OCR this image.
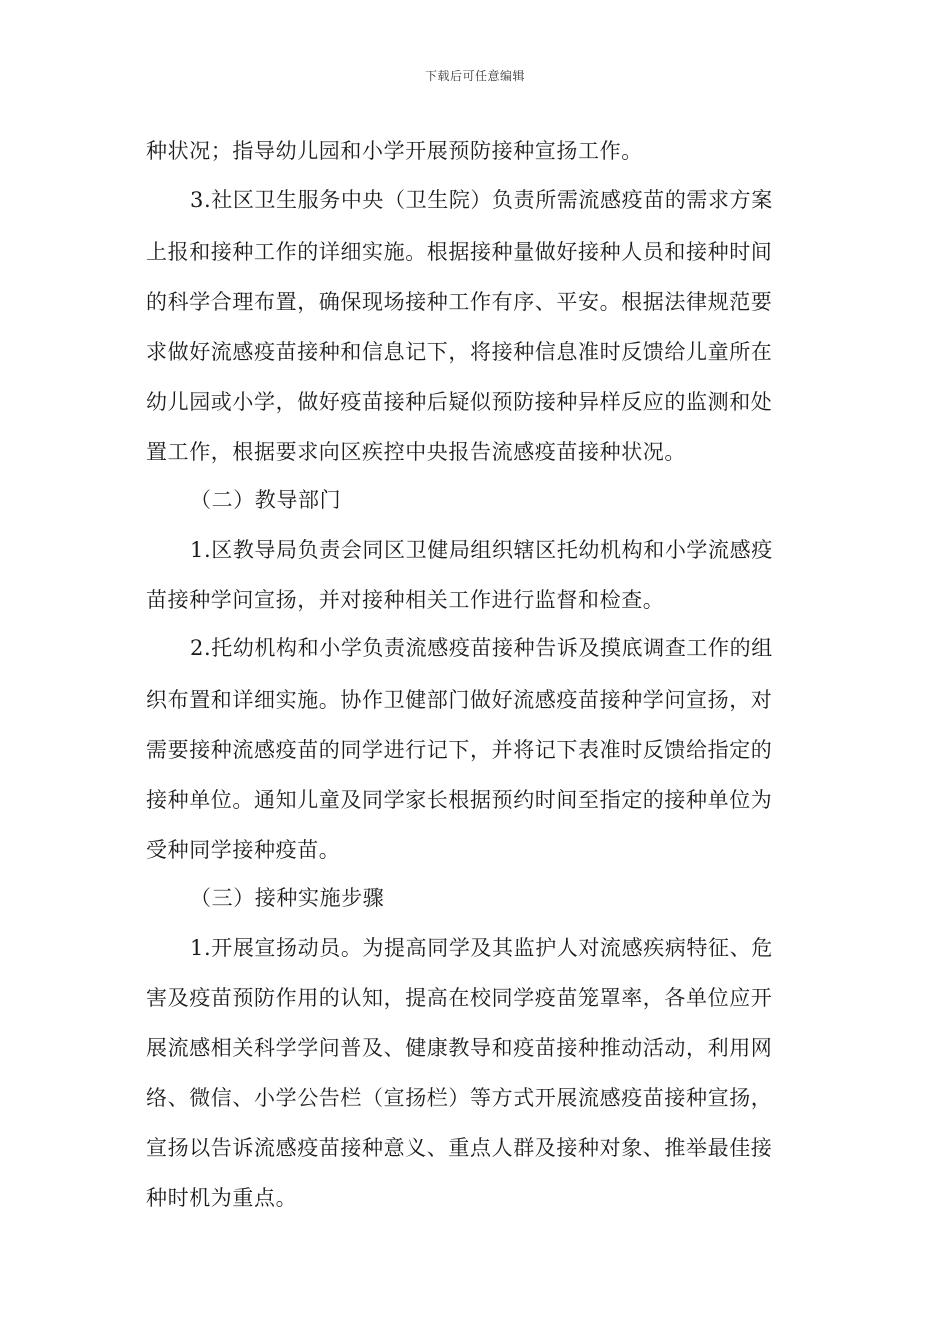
下载后可任意编辑
种状况；指导幼儿园和小学开展预防接种宣扬工作。
3.社区卫生服务中央（卫生院）负责所需流感疫苗的需求方案
上报和接种工作的详细实施。根据接种量做好接种人员和接种时间
的科学合理布置，确保现场接种工作有序、平安。根据法律规范要
求做好流感疫苗接种和信息记下，将接种信息准时反馈给儿童所在
幼儿园或小学，做好疫苗接种后疑似预防接种异样反应的监测和处
置工作，根据要求向区疾控中央报告流感疫苗接种状况。
（二）教导部门
1.区教导局负责会同区卫健局组织辖区托幼机构和小学流感疫
苗接种学问宣扬，并对接种相关工作进行监督和检查。
2.托幼机构和小学负责流感疫苗接种告诉及摸底调查工作的组
织布置和详细实施。协作卫健部门做好流感疫苗接种学问宣扬，对
需要接种流感疫苗的同学进行记下，并将记下表准时反馈给指定的
接种单位。通知儿童及同学家长根据预约时间至指定的接种单位为
受种同学接种疫苗。
（三）接种实施步骤
1.开展宣扬动员。为提高同学及其监护人对流感疾病特征、危
害及疫苗预防作用的认知，提高在校同学疫苗笼罩率，各单位应开
展流感相关科学学问普及、健康教导和疫苗接种推动活动，利用网
络、微信、小学公告栏（宣扬栏）等方式开展流感疫苗接种宣扬，
宣扬以告诉流感疫苗接种意义、重点人群及接种对象、推举最佳接
种时机为重点。
